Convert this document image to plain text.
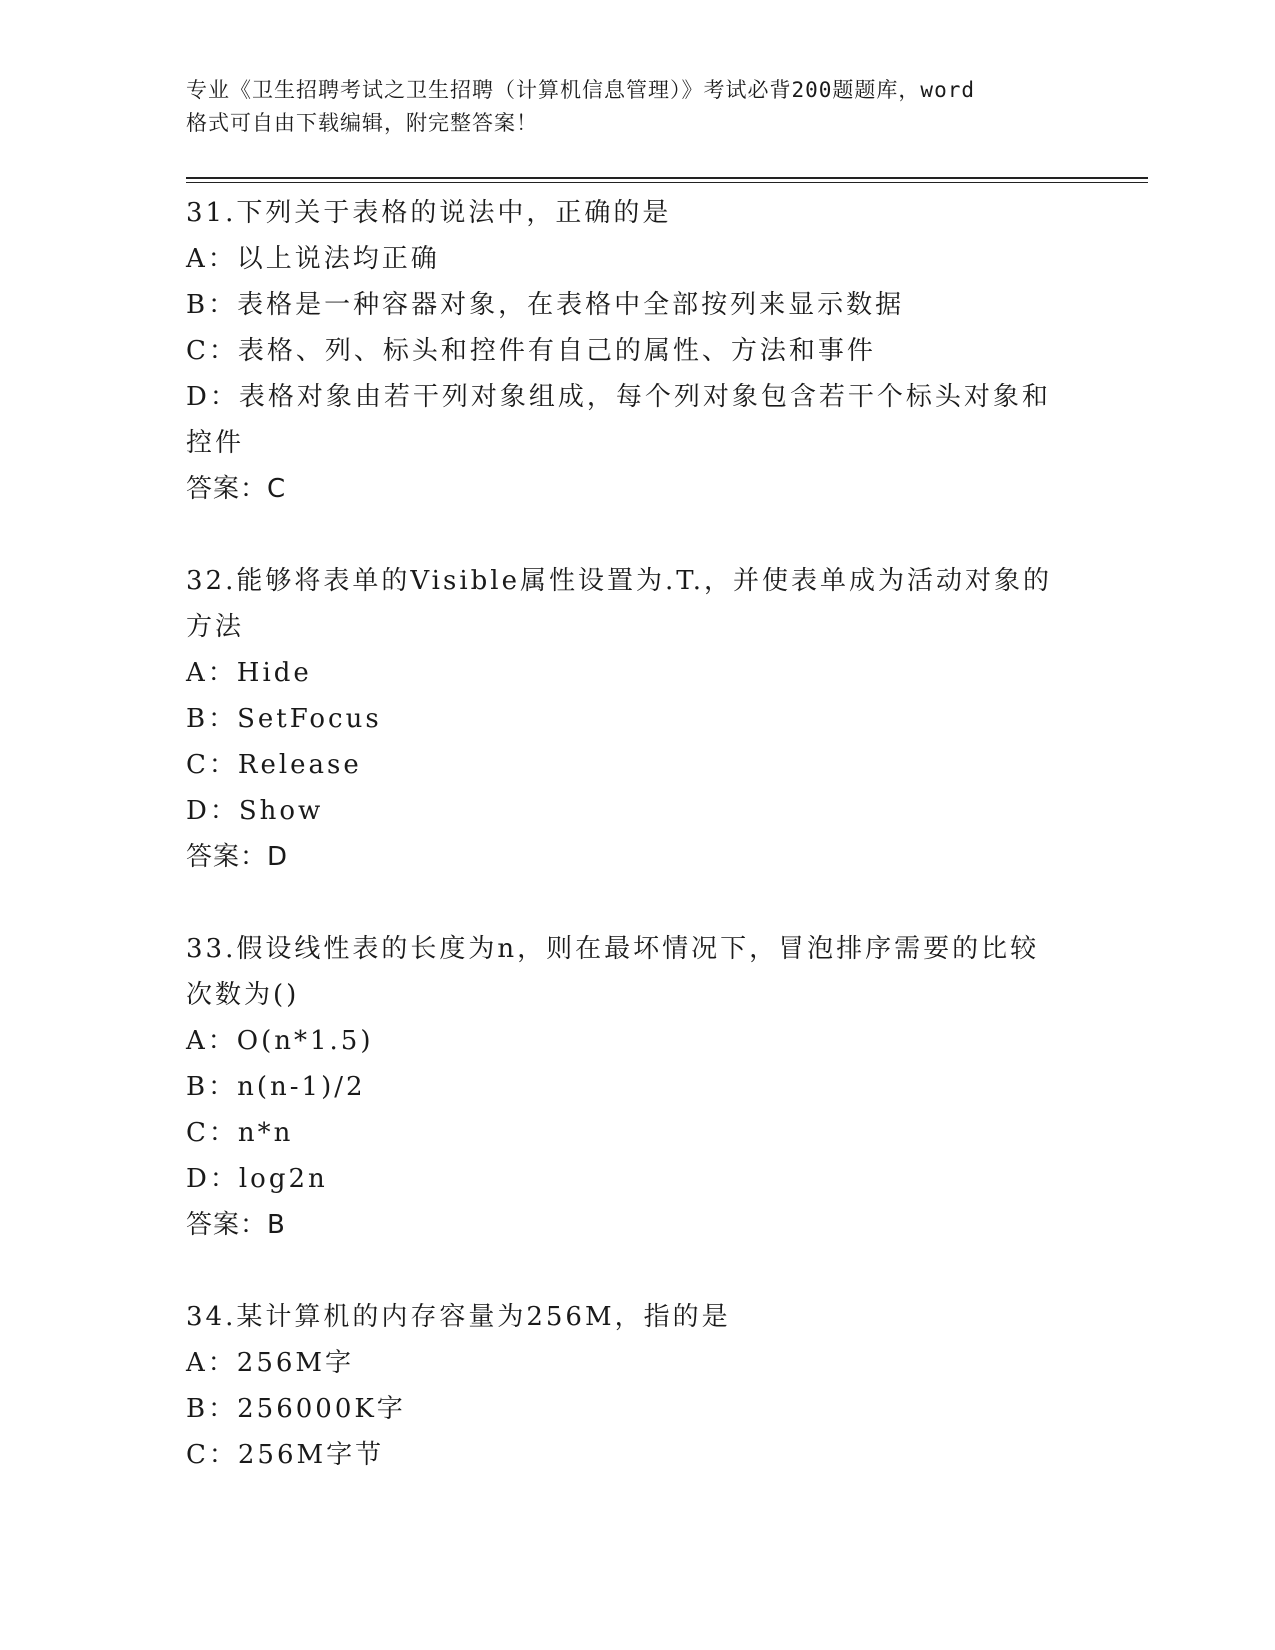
专业《卫生招聘考试之卫生招聘（计算机信息管理）》考试必背200题题库，word
格式可自由下载编辑，附完整答案！

31.下列关于表格的说法中，正确的是

A：以上说法均正确

B：表格是一种容器对象，在表格中全部按列来显示数据

C：表格、列、标头和控件有自己的属性、方法和事件

D：表格对象由若干列对象组成，每个列对象包含若干个标头对象和控件

答案：C

32.能够将表单的Visible属性设置为.T.，并使表单成为活动对象的方法

A：Hide

B：SetFocus

C：Release

D：Show

答案：D

33.假设线性表的长度为n，则在最坏情况下，冒泡排序需要的比较次数为()

A：O(n*1.5)

B：n(n-1)/2

C：n*n

D：log2n

答案：B

34.某计算机的内存容量为256M，指的是

A：256M字

B：256000K字

C：256M字节
